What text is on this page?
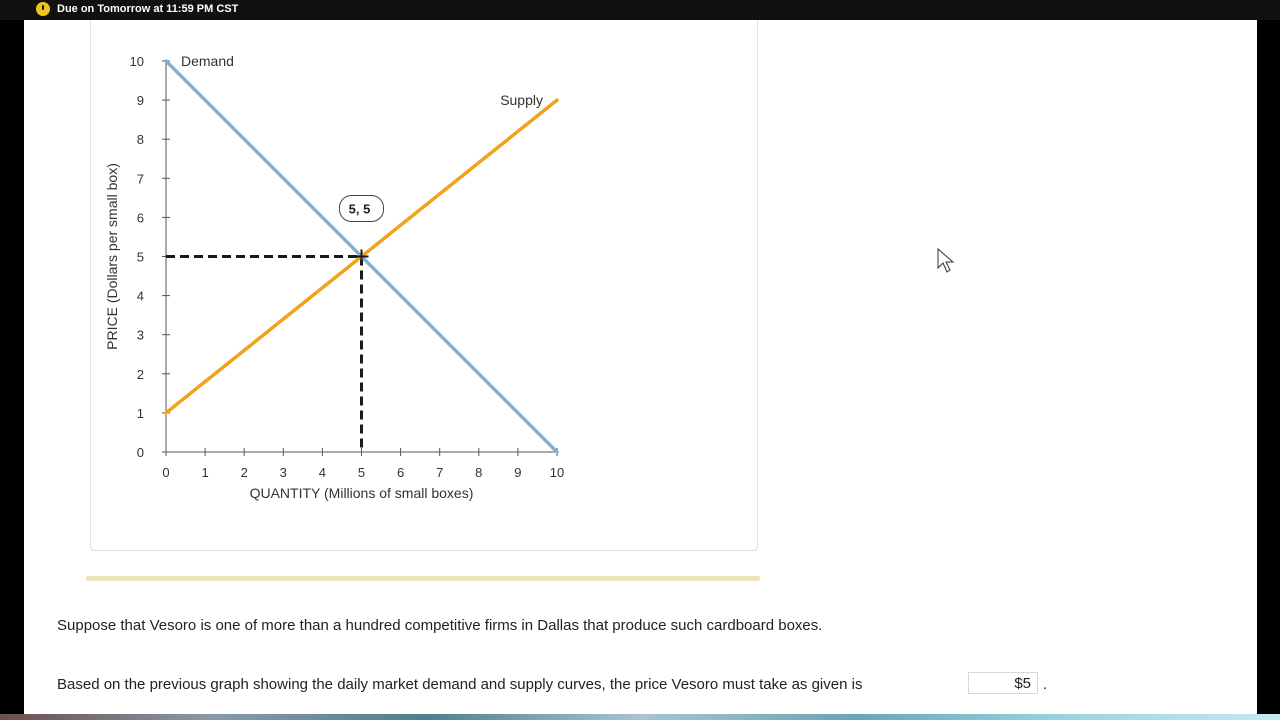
Due on Tomorrow at 11:59 PM CST
0
1
2
3
4
5
6
7
8
9
10
0 1 2 3 4 5 6 7 8 9 10
QUANTITY (Millions of small boxes)
PRICE (Dollars per small box)
Demand
Supply
5, 5
Suppose that Vesoro is one of more than a hundred competitive firms in Dallas that produce such cardboard boxes.
Based on the previous graph showing the daily market demand and supply curves, the price Vesoro must take as given is	$5 .
